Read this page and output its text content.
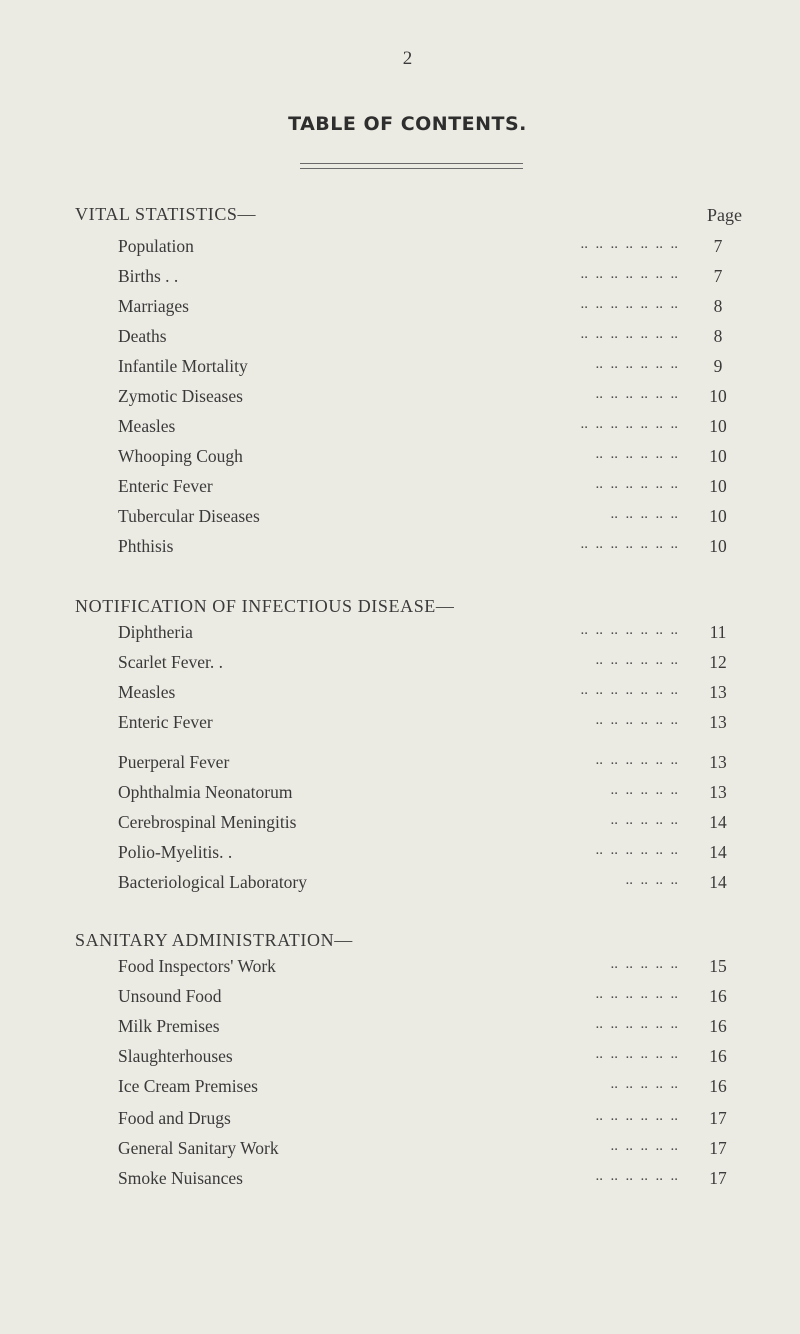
2
TABLE OF CONTENTS.
VITAL STATISTICS—	Page
Population	..  ..  ..  ..  ..  ..  ..	7
Births . .	..  ..  ..  ..  ..  ..  ..	7
Marriages	..  ..  ..  ..  ..  ..  ..	8
Deaths	..  ..  ..  ..  ..  ..  ..	8
Infantile Mortality	..  ..  ..  ..  ..  ..	9
Zymotic Diseases	..  ..  ..  ..  ..  ..	10
Measles	..  ..  ..  ..  ..  ..  ..	10
Whooping Cough	..  ..  ..  ..  ..  ..	10
Enteric Fever	..  ..  ..  ..  ..  ..	10
Tubercular Diseases	..  ..  ..  ..  ..	10
Phthisis	..  ..  ..  ..  ..  ..  ..	10
NOTIFICATION OF INFECTIOUS DISEASE—
Diphtheria	..  ..  ..  ..  ..  ..  ..	11
Scarlet Fever. .	..  ..  ..  ..  ..  ..	12
Measles	..  ..  ..  ..  ..  ..  ..	13
Enteric Fever	..  ..  ..  ..  ..  ..	13
Puerperal Fever	..  ..  ..  ..  ..  ..	13
Ophthalmia Neonatorum	..  ..  ..  ..  ..	13
Cerebrospinal Meningitis	..  ..  ..  ..  ..	14
Polio-Myelitis. .	..  ..  ..  ..  ..  ..	14
Bacteriological Laboratory	..  ..  ..  ..	14
SANITARY ADMINISTRATION—
Food Inspectors' Work	..  ..  ..  ..  ..	15
Unsound Food	..  ..  ..  ..  ..  ..	16
Milk Premises	..  ..  ..  ..  ..  ..	16
Slaughterhouses	..  ..  ..  ..  ..  ..	16
Ice Cream Premises	..  ..  ..  ..  ..	16
Food and Drugs	..  ..  ..  ..  ..  ..	17
General Sanitary Work	..  ..  ..  ..  ..	17
Smoke Nuisances	..  ..  ..  ..  ..  ..	17
